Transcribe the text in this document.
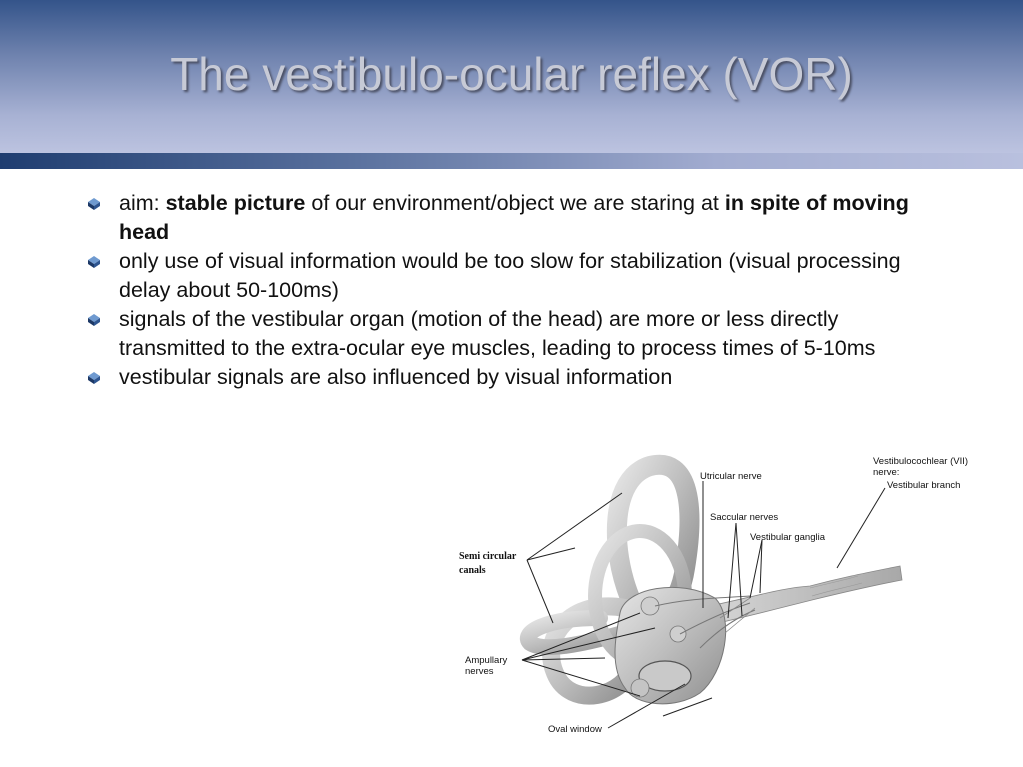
The vestibulo-ocular reflex (VOR)
aim: stable picture of our environment/object we are staring at in spite of moving head
only use of visual information would be too slow for stabilization (visual processing delay about 50-100ms)
signals of the vestibular organ (motion of the head) are more or less directly transmitted to the extra-ocular eye muscles, leading to process times of 5-10ms
vestibular signals are also influenced by visual information
Utricular nerve
Vestibulocochlear (VII)
nerve:
Vestibular branch
Saccular nerves
Vestibular ganglia
Semi circular
canals
Ampullary
nerves
Oval window
